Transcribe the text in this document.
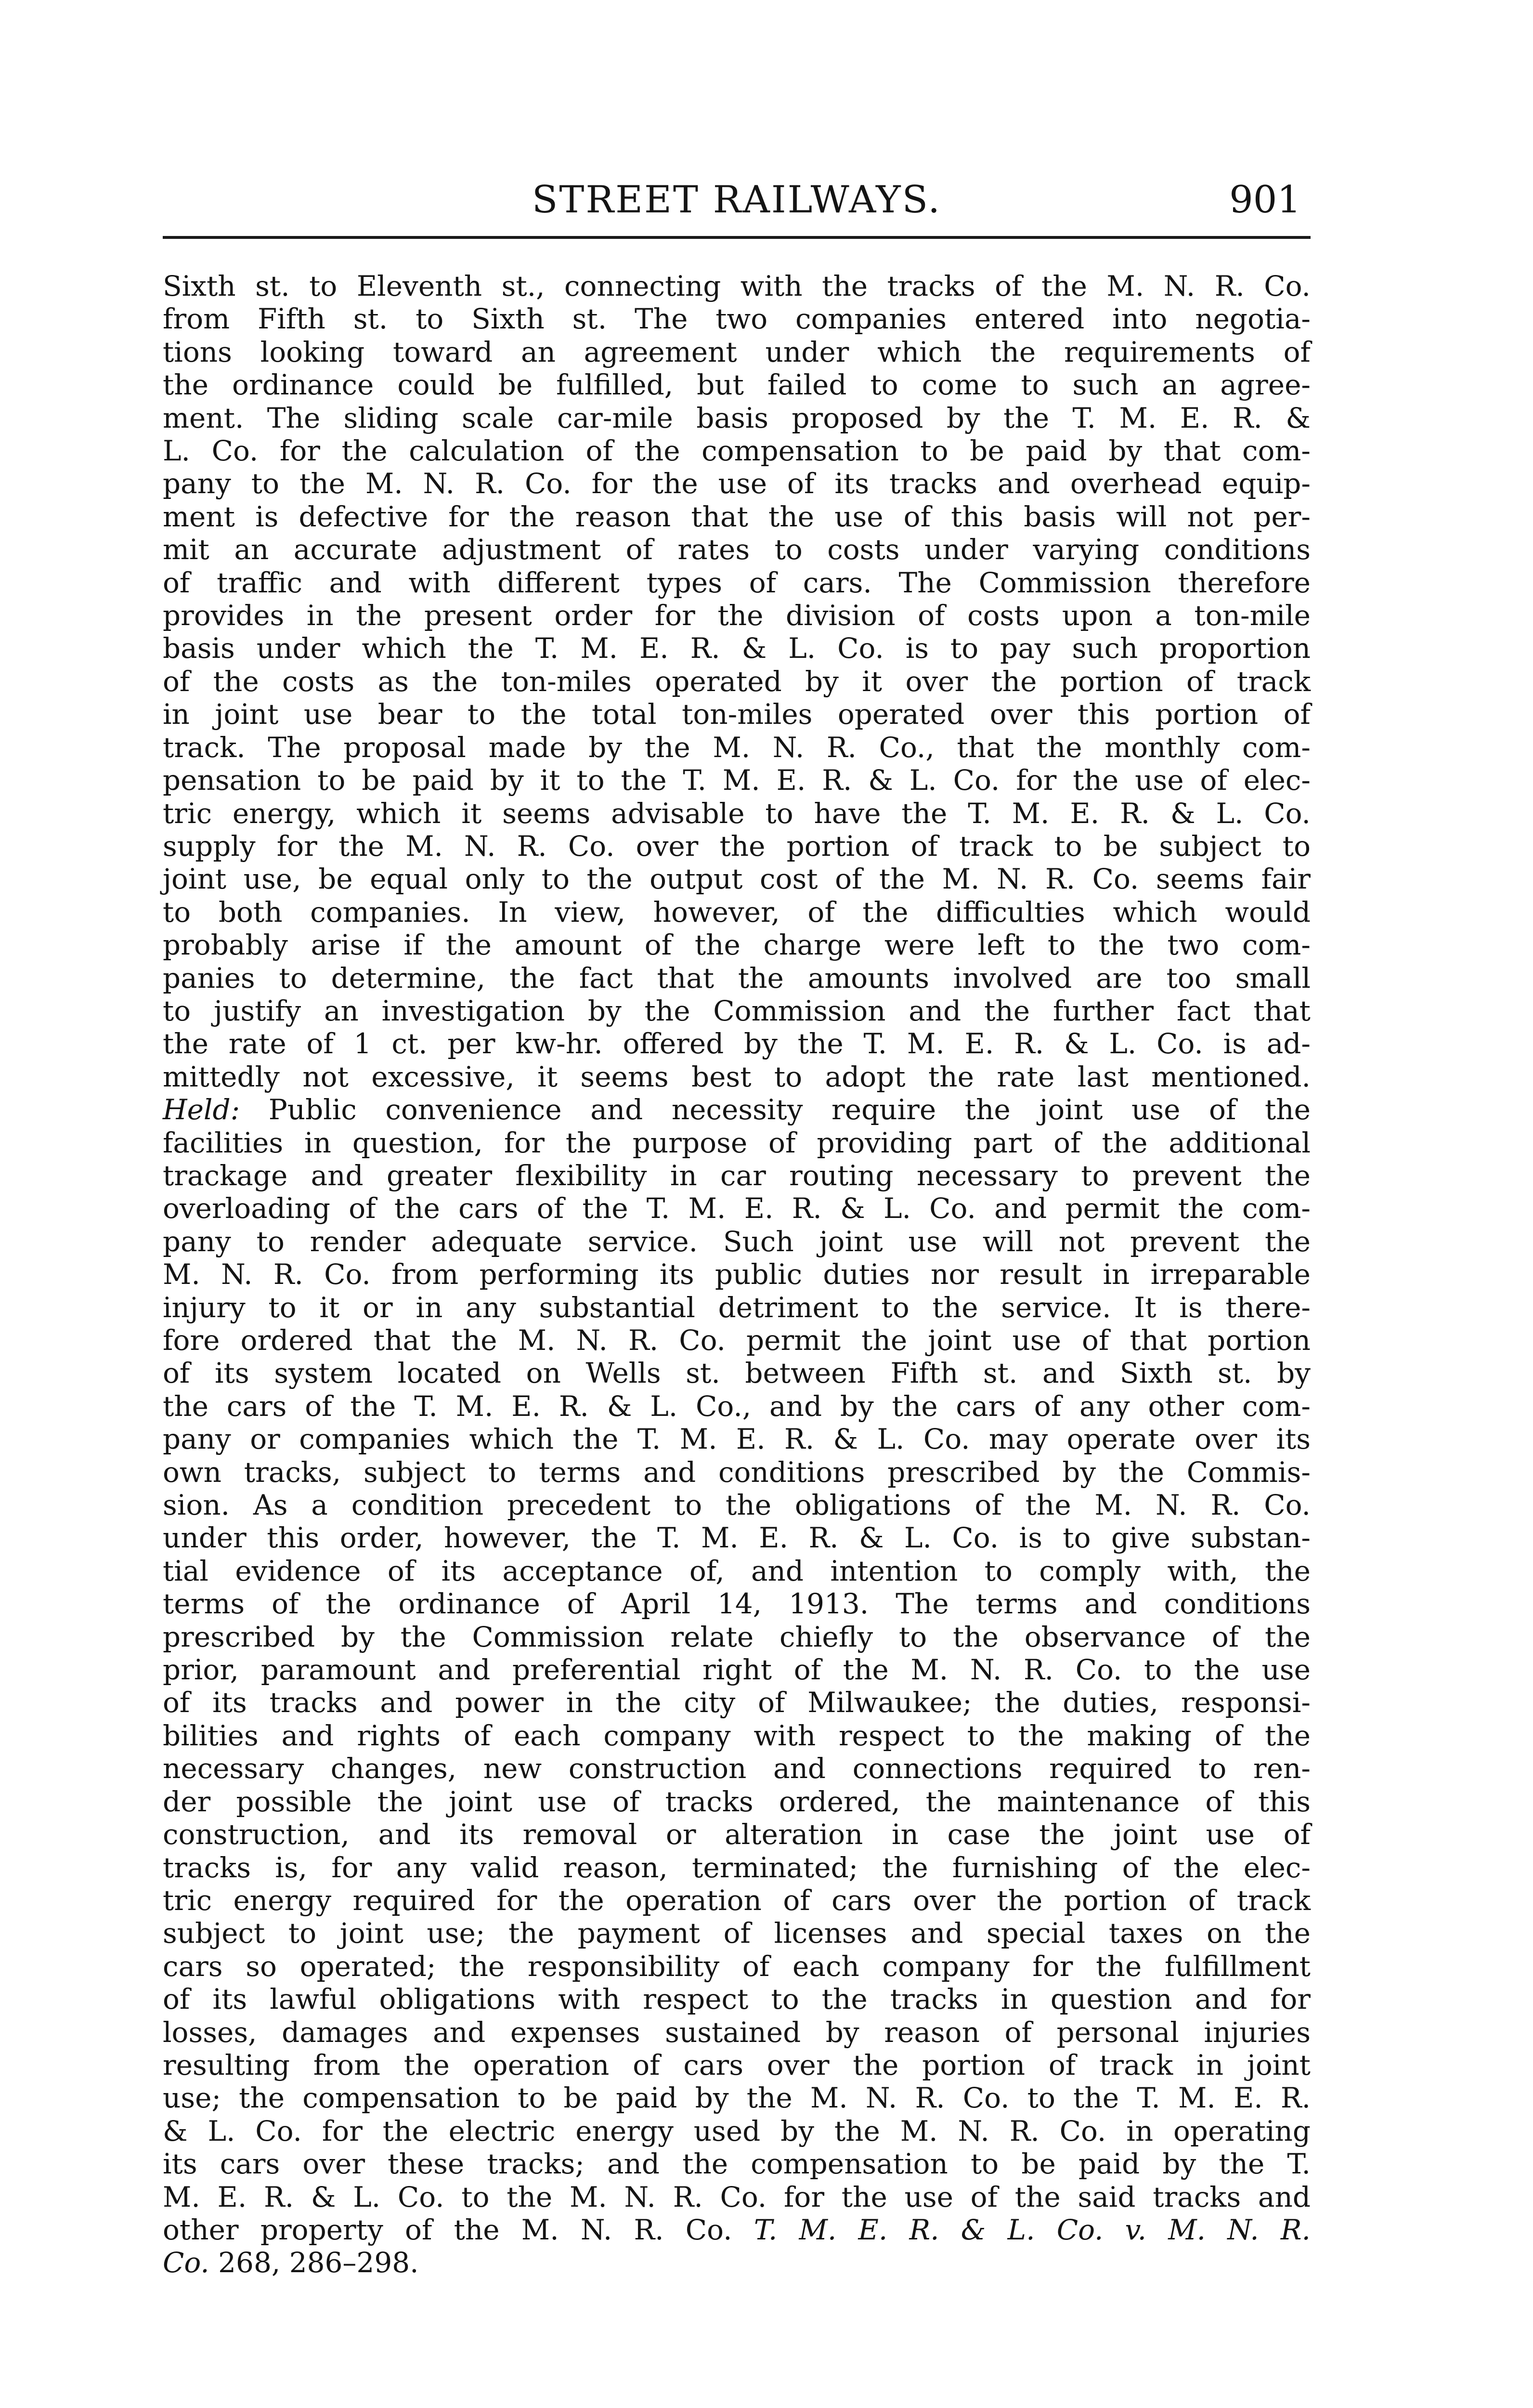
STREET RAILWAYS.	901
Sixth st. to Eleventh st., connecting with the tracks of the M. N. R. Co.
from Fifth st. to Sixth st. The two companies entered into negotia-
tions looking toward an agreement under which the requirements of
the ordinance could be fulfilled, but failed to come to such an agree-
ment. The sliding scale car-mile basis proposed by the T. M. E. R. &
L. Co. for the calculation of the compensation to be paid by that com-
pany to the M. N. R. Co. for the use of its tracks and overhead equip-
ment is defective for the reason that the use of this basis will not per-
mit an accurate adjustment of rates to costs under varying conditions
of traffic and with different types of cars. The Commission therefore
provides in the present order for the division of costs upon a ton-mile
basis under which the T. M. E. R. & L. Co. is to pay such proportion
of the costs as the ton-miles operated by it over the portion of track
in joint use bear to the total ton-miles operated over this portion of
track. The proposal made by the M. N. R. Co., that the monthly com-
pensation to be paid by it to the T. M. E. R. & L. Co. for the use of elec-
tric energy, which it seems advisable to have the T. M. E. R. & L. Co.
supply for the M. N. R. Co. over the portion of track to be subject to
joint use, be equal only to the output cost of the M. N. R. Co. seems fair
to both companies. In view, however, of the difficulties which would
probably arise if the amount of the charge were left to the two com-
panies to determine, the fact that the amounts involved are too small
to justify an investigation by the Commission and the further fact that
the rate of 1 ct. per kw-hr. offered by the T. M. E. R. & L. Co. is ad-
mittedly not excessive, it seems best to adopt the rate last mentioned.
Held: Public convenience and necessity require the joint use of the
facilities in question, for the purpose of providing part of the additional
trackage and greater flexibility in car routing necessary to prevent the
overloading of the cars of the T. M. E. R. & L. Co. and permit the com-
pany to render adequate service. Such joint use will not prevent the
M. N. R. Co. from performing its public duties nor result in irreparable
injury to it or in any substantial detriment to the service. It is there-
fore ordered that the M. N. R. Co. permit the joint use of that portion
of its system located on Wells st. between Fifth st. and Sixth st. by
the cars of the T. M. E. R. & L. Co., and by the cars of any other com-
pany or companies which the T. M. E. R. & L. Co. may operate over its
own tracks, subject to terms and conditions prescribed by the Commis-
sion. As a condition precedent to the obligations of the M. N. R. Co.
under this order, however, the T. M. E. R. & L. Co. is to give substan-
tial evidence of its acceptance of, and intention to comply with, the
terms of the ordinance of April 14, 1913. The terms and conditions
prescribed by the Commission relate chiefly to the observance of the
prior, paramount and preferential right of the M. N. R. Co. to the use
of its tracks and power in the city of Milwaukee; the duties, responsi-
bilities and rights of each company with respect to the making of the
necessary changes, new construction and connections required to ren-
der possible the joint use of tracks ordered, the maintenance of this
construction, and its removal or alteration in case the joint use of
tracks is, for any valid reason, terminated; the furnishing of the elec-
tric energy required for the operation of cars over the portion of track
subject to joint use; the payment of licenses and special taxes on the
cars so operated; the responsibility of each company for the fulfillment
of its lawful obligations with respect to the tracks in question and for
losses, damages and expenses sustained by reason of personal injuries
resulting from the operation of cars over the portion of track in joint
use; the compensation to be paid by the M. N. R. Co. to the T. M. E. R.
& L. Co. for the electric energy used by the M. N. R. Co. in operating
its cars over these tracks; and the compensation to be paid by the T.
M. E. R. & L. Co. to the M. N. R. Co. for the use of the said tracks and
other property of the M. N. R. Co. T. M. E. R. & L. Co. v. M. N. R.
Co. 268, 286–298.
